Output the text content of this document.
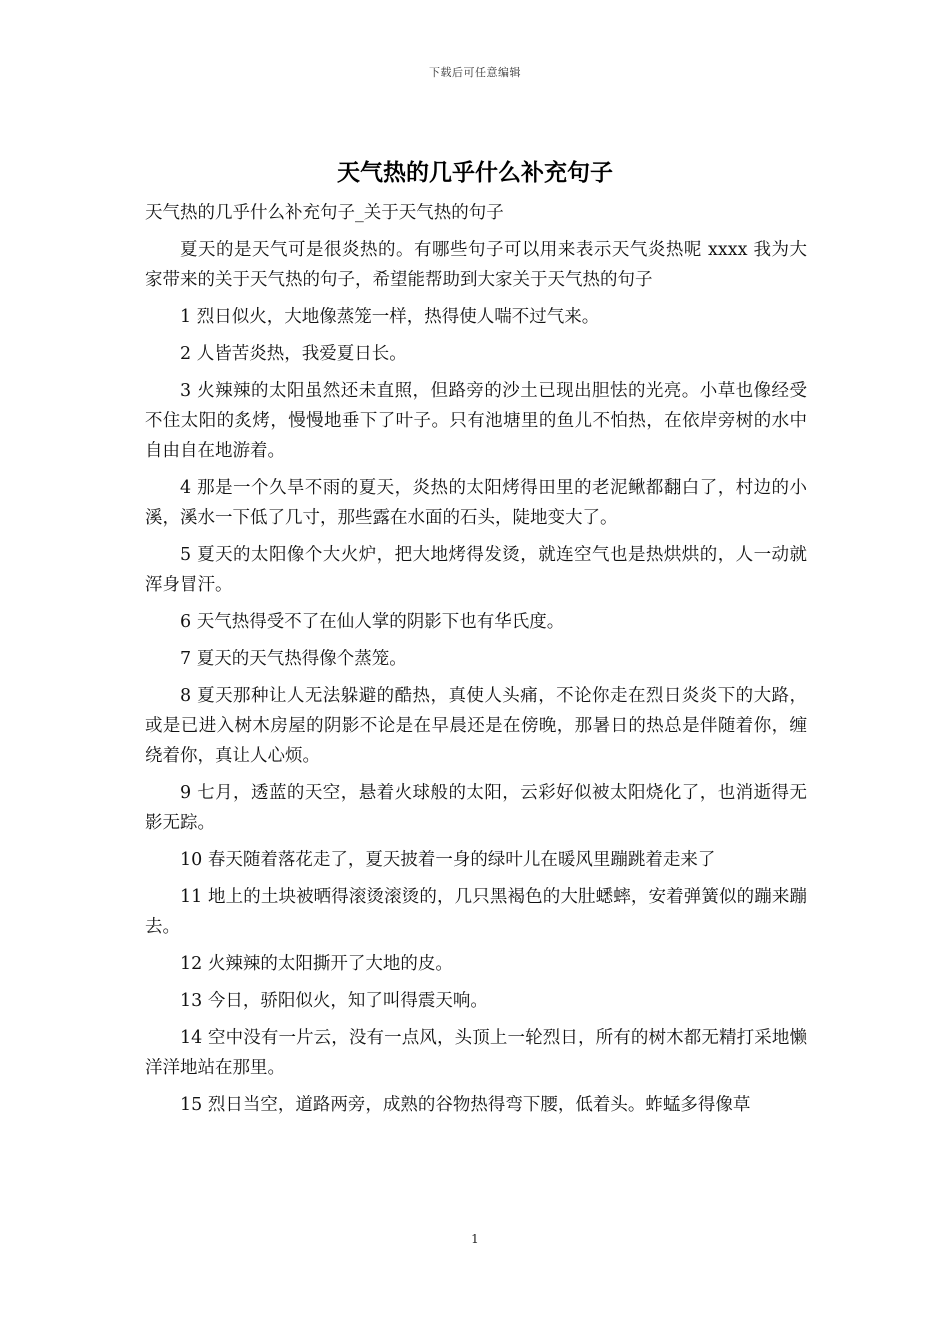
下载后可任意编辑
天气热的几乎什么补充句子

天气热的几乎什么补充句子_关于天气热的句子

夏天的是天气可是很炎热的。有哪些句子可以用来表示天气炎热呢 xxxx 我为大家带来的关于天气热的句子，希望能帮助到大家关于天气热的句子

1 烈日似火，大地像蒸笼一样，热得使人喘不过气来。

2 人皆苦炎热，我爱夏日长。

3 火辣辣的太阳虽然还未直照，但路旁的沙土已现出胆怯的光亮。小草也像经受不住太阳的炙烤，慢慢地垂下了叶子。只有池塘里的鱼儿不怕热，在依岸旁树的水中自由自在地游着。

4 那是一个久旱不雨的夏天，炎热的太阳烤得田里的老泥鳅都翻白了，村边的小溪，溪水一下低了几寸，那些露在水面的石头，陡地变大了。

5 夏天的太阳像个大火炉，把大地烤得发烫，就连空气也是热烘烘的，人一动就浑身冒汗。

6 天气热得受不了在仙人掌的阴影下也有华氏度。

7 夏天的天气热得像个蒸笼。

8 夏天那种让人无法躲避的酷热，真使人头痛，不论你走在烈日炎炎下的大路，或是已进入树木房屋的阴影不论是在早晨还是在傍晚，那暑日的热总是伴随着你，缠绕着你，真让人心烦。

9 七月，透蓝的天空，悬着火球般的太阳，云彩好似被太阳烧化了，也消逝得无影无踪。

10 春天随着落花走了，夏天披着一身的绿叶儿在暖风里蹦跳着走来了

11 地上的土块被晒得滚烫滚烫的，几只黑褐色的大肚蟋蟀，安着弹簧似的蹦来蹦去。

12 火辣辣的太阳撕开了大地的皮。

13 今日，骄阳似火，知了叫得震天响。

14 空中没有一片云，没有一点风，头顶上一轮烈日，所有的树木都无精打采地懒洋洋地站在那里。

15 烈日当空，道路两旁，成熟的谷物热得弯下腰，低着头。蚱蜢多得像草

1
